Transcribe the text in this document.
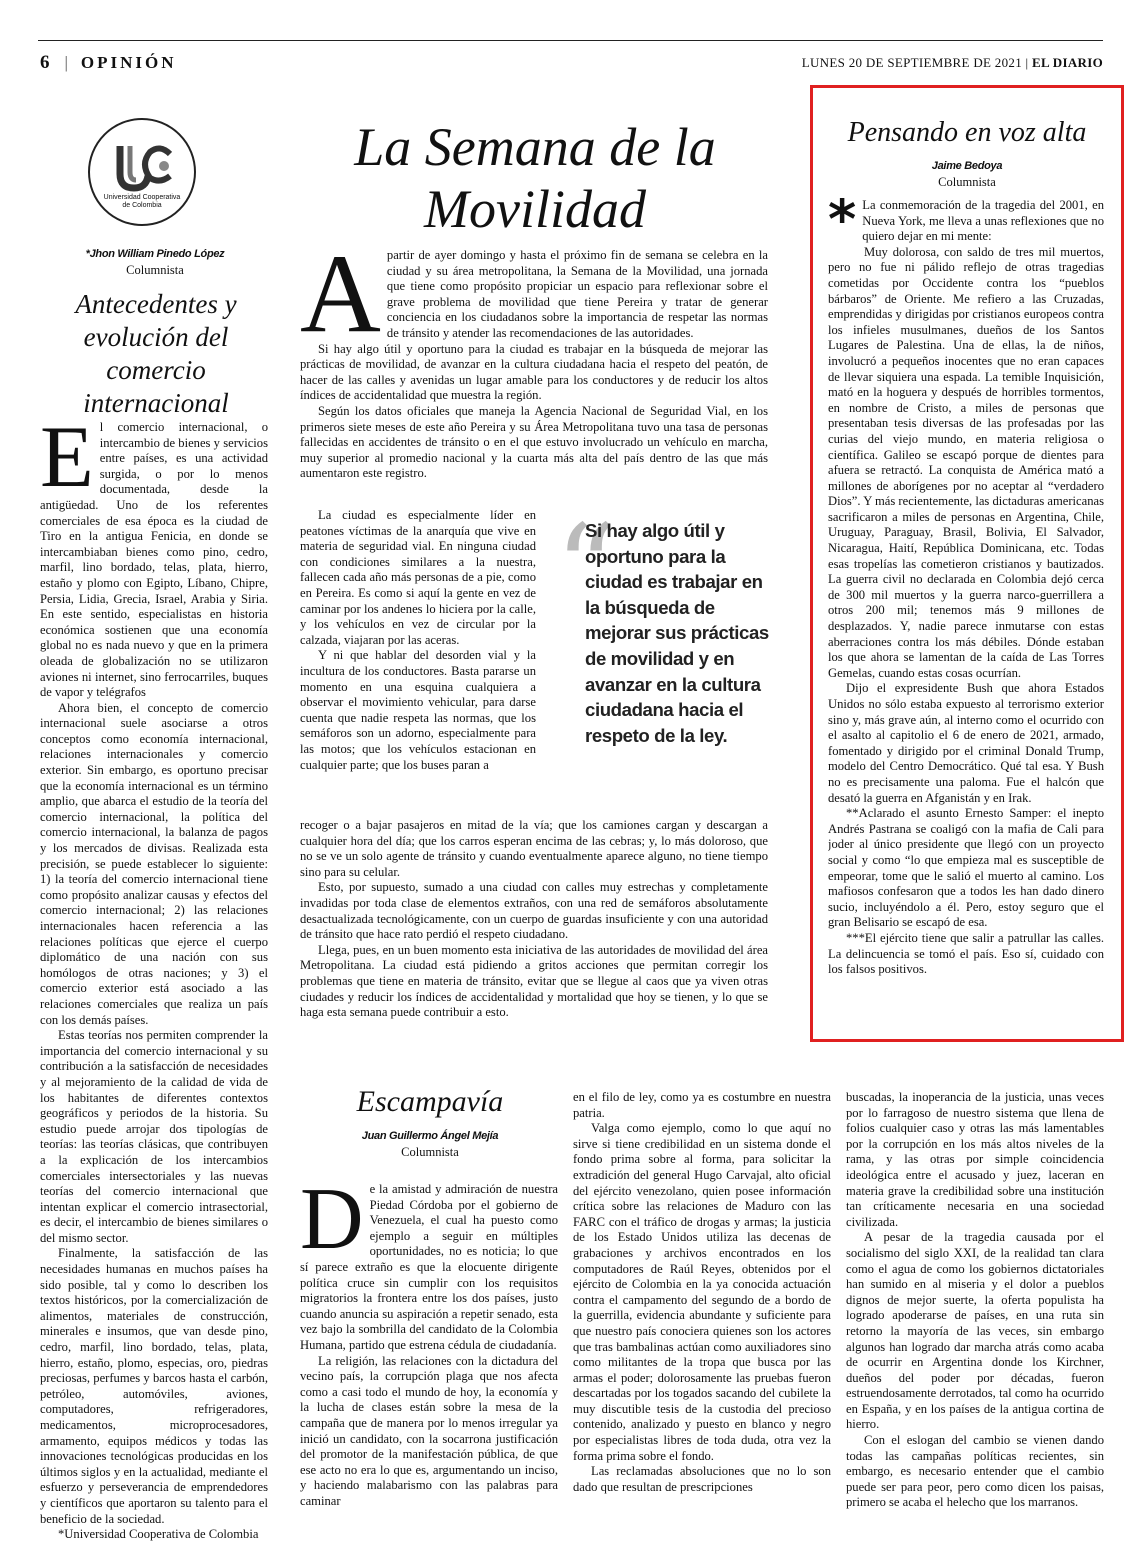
6 | OPINIÓN	LUNES 20 DE SEPTIEMBRE DE 2021 | EL DIARIO
Universidad Cooperativa
de Colombia
*Jhon William Pinedo López
Columnista
Antecedentes y evolución del comercio internacional

El comercio internacional, o intercambio de bienes y servicios entre países, es una actividad surgida, o por lo menos documentada, desde la antigüedad. Uno de los referentes comerciales de esa época es la ciudad de Tiro en la antigua Fenicia, en donde se intercambiaban bienes como pino, cedro, marfil, lino bordado, telas, plata, hierro, estaño y plomo con Egipto, Líbano, Chipre, Persia, Lidia, Grecia, Israel, Arabia y Siria. En este sentido, especialistas en historia económica sostienen que una economía global no es nada nuevo y que en la primera oleada de globalización no se utilizaron aviones ni internet, sino ferrocarriles, buques de vapor y telégrafos

Ahora bien, el concepto de comercio internacional suele asociarse a otros conceptos como economía internacional, relaciones internacionales y comercio exterior. Sin embargo, es oportuno precisar que la economía internacional es un término amplio, que abarca el estudio de la teoría del comercio internacional, la política del comercio internacional, la balanza de pagos y los mercados de divisas. Realizada esta precisión, se puede establecer lo siguiente: 1) la teoría del comercio internacional tiene como propósito analizar causas y efectos del comercio internacional; 2) las relaciones internacionales hacen referencia a las relaciones políticas que ejerce el cuerpo diplomático de una nación con sus homólogos de otras naciones; y 3) el comercio exterior está asociado a las relaciones comerciales que realiza un país con los demás países.

Estas teorías nos permiten comprender la importancia del comercio internacional y su contribución a la satisfacción de necesidades y al mejoramiento de la calidad de vida de los habitantes de diferentes contextos geográficos y periodos de la historia. Su estudio puede arrojar dos tipologías de teorías: las teorías clásicas, que contribuyen a la explicación de los intercambios comerciales intersectoriales y las nuevas teorías del comercio internacional que intentan explicar el comercio intrasectorial, es decir, el intercambio de bienes similares o del mismo sector.

Finalmente, la satisfacción de las necesidades humanas en muchos países ha sido posible, tal y como lo describen los textos históricos, por la comercialización de alimentos, materiales de construcción, minerales e insumos, que van desde pino, cedro, marfil, lino bordado, telas, plata, hierro, estaño, plomo, especias, oro, piedras preciosas, perfumes y barcos hasta el carbón, petróleo, automóviles, aviones, computadores, refrigeradores, medicamentos, microprocesadores, armamento, equipos médicos y todas las innovaciones tecnológicas producidas en los últimos siglos y en la actualidad, mediante el esfuerzo y perseverancia de emprendedores y científicos que aportaron su talento para el beneficio de la sociedad.

*Universidad Cooperativa de Colombia

La Semana de la Movilidad

Apartir de ayer domingo y hasta el próximo fin de semana se celebra en la ciudad y su área metropolitana, la Semana de la Movilidad, una jornada que tiene como propósito propiciar un espacio para reflexionar sobre el grave problema de movilidad que tiene Pereira y tratar de generar conciencia en los ciudadanos sobre la importancia de respetar las normas de tránsito y atender las recomendaciones de las autoridades.

Si hay algo útil y oportuno para la ciudad es trabajar en la búsqueda de mejorar las prácticas de movilidad, de avanzar en la cultura ciudadana hacia el respeto del peatón, de hacer de las calles y avenidas un lugar amable para los conductores y de reducir los altos índices de accidentalidad que muestra la región.

Según los datos oficiales que maneja la Agencia Nacional de Seguridad Vial, en los primeros siete meses de este año Pereira y su Área Metropolitana tuvo una tasa de personas fallecidas en accidentes de tránsito o en el que estuvo involucrado un vehículo en marcha, muy superior al promedio nacional y la cuarta más alta del país dentro de las que más aumentaron este registro.

La ciudad es especialmente líder en peatones víctimas de la anarquía que vive en materia de seguridad vial. En ninguna ciudad con condiciones similares a la nuestra, fallecen cada año más personas de a pie, como en Pereira. Es como si aquí la gente en vez de caminar por los andenes lo hiciera por la calle, y los vehículos en vez de circular por la calzada, viajaran por las aceras.

Y ni que hablar del desorden vial y la incultura de los conductores. Basta pararse un momento en una esquina cualquiera a observar el movimiento vehicular, para darse cuenta que nadie respeta las normas, que los semáforos son un adorno, especialmente para las motos; que los vehículos estacionan en cualquier parte; que los buses paran a

“
Si hay algo útil y oportuno para la ciudad es trabajar en la búsqueda de mejorar sus prácticas de movilidad y en avanzar en la cultura ciudadana hacia el respeto de la ley.

recoger o a bajar pasajeros en mitad de la vía; que los camiones cargan y descargan a cualquier hora del día; que los carros esperan encima de las cebras; y, lo más doloroso, que no se ve un solo agente de tránsito y cuando eventualmente aparece alguno, no tiene tiempo sino para su celular.

Esto, por supuesto, sumado a una ciudad con calles muy estrechas y completamente invadidas por toda clase de elementos extraños, con una red de semáforos absolutamente desactualizada tecnológicamente, con un cuerpo de guardas insuficiente y con una autoridad de tránsito que hace rato perdió el respeto ciudadano.

Llega, pues, en un buen momento esta iniciativa de las autoridades de movilidad del área Metropolitana. La ciudad está pidiendo a gritos acciones que permitan corregir los problemas que tiene en materia de tránsito, evitar que se llegue al caos que ya viven otras ciudades y reducir los índices de accidentalidad y mortalidad que hoy se tienen, y lo que se haga esta semana puede contribuir a esto.

Pensando en voz alta
Jaime Bedoya
Columnista

* La conmemoración de la tragedia del 2001, en Nueva York, me lleva a unas reflexiones que no quiero dejar en mi mente:

Muy dolorosa, con saldo de tres mil muertos, pero no fue ni pálido reflejo de otras tragedias cometidas por Occidente contra los “pueblos bárbaros” de Oriente. Me refiero a las Cruzadas, emprendidas y dirigidas por cristianos europeos contra los infieles musulmanes, dueños de los Santos Lugares de Palestina. Una de ellas, la de niños, involucró a pequeños inocentes que no eran capaces de llevar siquiera una espada. La temible Inquisición, mató en la hoguera y después de horribles tormentos, en nombre de Cristo, a miles de personas que presentaban tesis diversas de las profesadas por las curias del viejo mundo, en materia religiosa o científica. Galileo se escapó porque de dientes para afuera se retractó. La conquista de América mató a millones de aborígenes por no aceptar al “verdadero Dios”. Y más recientemente, las dictaduras americanas sacrificaron a miles de personas en Argentina, Chile, Uruguay, Paraguay, Brasil, Bolivia, El Salvador, Nicaragua, Haití, República Dominicana, etc. Todas esas tropelías las cometieron cristianos y bautizados. La guerra civil no declarada en Colombia dejó cerca de 300 mil muertos y la guerra narco-guerrillera a otros 200 mil; tenemos más 9 millones de desplazados. Y, nadie parece inmutarse con estas aberraciones contra los más débiles. Dónde estaban los que ahora se lamentan de la caída de Las Torres Gemelas, cuando estas cosas ocurrían.

Dijo el expresidente Bush que ahora Estados Unidos no sólo estaba expuesto al terrorismo exterior sino y, más grave aún, al interno como el ocurrido con el asalto al capitolio el 6 de enero de 2021, armado, fomentado y dirigido por el criminal Donald Trump, modelo del Centro Democrático. Qué tal esa. Y Bush no es precisamente una paloma. Fue el halcón que desató la guerra en Afganistán y en Irak.

**Aclarado el asunto Ernesto Samper: el inepto Andrés Pastrana se coaligó con la mafia de Cali para joder al único presidente que llegó con un proyecto social y como “lo que empieza mal es susceptible de empeorar, tome que le salió el muerto al camino. Los mafiosos confesaron que a todos les han dado dinero sucio, incluyéndolo a él. Pero, estoy seguro que el gran Belisario se escapó de esa.

***El ejército tiene que salir a patrullar las calles. La delincuencia se tomó el país. Eso sí, cuidado con los falsos positivos.

Escampavía
Juan Guillermo Ángel Mejía
Columnista

De la amistad y admiración de nuestra Piedad Córdoba por el gobierno de Venezuela, el cual ha puesto como ejemplo a seguir en múltiples oportunidades, no es noticia; lo que sí parece extraño es que la elocuente dirigente política cruce sin cumplir con los requisitos migratorios la frontera entre los dos países, justo cuando anuncia su aspiración a repetir senado, esta vez bajo la sombrilla del candidato de la Colombia Humana, partido que estrena cédula de ciudadanía.

La religión, las relaciones con la dictadura del vecino país, la corrupción plaga que nos afecta como a casi todo el mundo de hoy, la economía y la lucha de clases están sobre la mesa de la campaña que de manera por lo menos irregular ya inició un candidato, con la socarrona justificación del promotor de la manifestación pública, de que ese acto no era lo que es, argumentando un inciso, y haciendo malabarismo con las palabras para caminar

en el filo de ley, como ya es costumbre en nuestra patria.

Valga como ejemplo, como lo que aquí no sirve si tiene credibilidad en un sistema donde el fondo prima sobre al forma, para solicitar la extradición del general Hugo Carvajal, alto oficial del ejército venezolano, quien posee información crítica sobre las relaciones de Maduro con las FARC con el tráfico de drogas y armas; la justicia de los Estado Unidos utiliza las decenas de grabaciones y archivos encontrados en los computadores de Raúl Reyes, obtenidos por el ejército de Colombia en la ya conocida actuación contra el campamento del segundo de a bordo de la guerrilla, evidencia abundante y suficiente para que nuestro país conociera quienes son los actores que tras bambalinas actúan como auxiliadores sino como militantes de la tropa que busca por las armas el poder; dolorosamente las pruebas fueron descartadas por los togados sacando del cubilete la muy discutible tesis de la custodia del precioso contenido, analizado y puesto en blanco y negro por especialistas libres de toda duda, otra vez la forma prima sobre el fondo.

Las reclamadas absoluciones que no lo son dado que resultan de prescripciones

buscadas, la inoperancia de la justicia, unas veces por lo farragoso de nuestro sistema que llena de folios cualquier caso y otras las más lamentables por la corrupción en los más altos niveles de la rama, y las otras por simple coincidencia ideológica entre el acusado y juez, laceran en materia grave la credibilidad sobre una institución tan críticamente necesaria en una sociedad civilizada.

A pesar de la tragedia causada por el socialismo del siglo XXI, de la realidad tan clara como el agua de como los gobiernos dictatoriales han sumido en al miseria y el dolor a pueblos dignos de mejor suerte, la oferta populista ha logrado apoderarse de países, en una ruta sin retorno la mayoría de las veces, sin embargo algunos han logrado dar marcha atrás como acaba de ocurrir en Argentina donde los Kirchner, dueños del poder por décadas, fueron estruendosamente derrotados, tal como ha ocurrido en España, y en los países de la antigua cortina de hierro.

Con el eslogan del cambio se vienen dando todas las campañas políticas recientes, sin embargo, es necesario entender que el cambio puede ser para peor, pero como dicen los paisas, primero se acaba el helecho que los marranos.
